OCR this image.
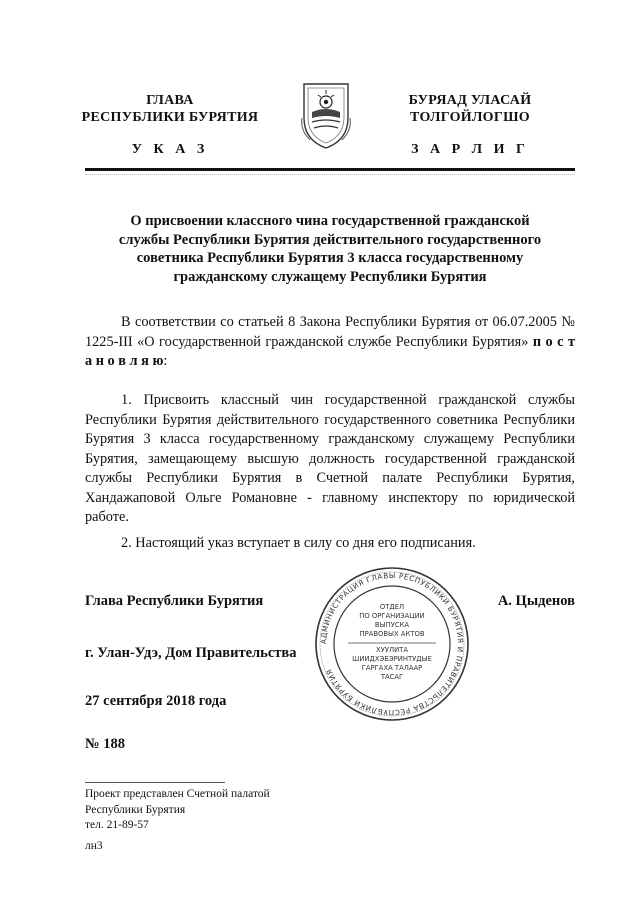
ГЛАВА
РЕСПУБЛИКИ БУРЯТИЯ
БУРЯАД УЛАСАЙ
ТОЛГОЙЛОГШО
У К А З	З А Р Л И Г
О присвоении классного чина государственной гражданской
службы Республики Бурятия действительного государственного
советника Республики Бурятия 3 класса государственному
гражданскому служащему Республики Бурятия
В соответствии со статьей 8 Закона Республики Бурятия от 06.07.2005 № 1225-III «О государственной гражданской службе Республики Бурятия» п о с т а н о в л я ю:
1. Присвоить классный чин государственной гражданской службы Республики Бурятия действительного государственного советника Республики Бурятия 3 класса государственному гражданскому служащему Республики Бурятия, замещающему высшую должность государственной гражданской службы Республики Бурятия в Счетной палате Республики Бурятия, Хандажаповой Ольге Романовне - главному инспектору по юридической работе.
2. Настоящий указ вступает в силу со дня его подписания.
Глава Республики Бурятия	А. Цыденов
АДМИНИСТРАЦИЯ ГЛАВЫ РЕСПУБЛИКИ БУРЯТИЯ И ПРАВИТЕЛЬСТВА РЕСПУБЛИКИ БУРЯТИЯ
ОТДЕЛ
ПО ОРГАНИЗАЦИИ
ВЫПУСКА
ПРАВОВЫХ АКТОВ
ХУУЛИТА
ШИИДХЭБЭРИНТУДЫЕ
ГАРГАХА ТАЛААР
ТАСАГ
г. Улан-Удэ, Дом Правительства
27 сентября 2018 года
№ 188
Проект представлен Счетной палатой
Республики Бурятия
тел. 21-89-57
лн3
